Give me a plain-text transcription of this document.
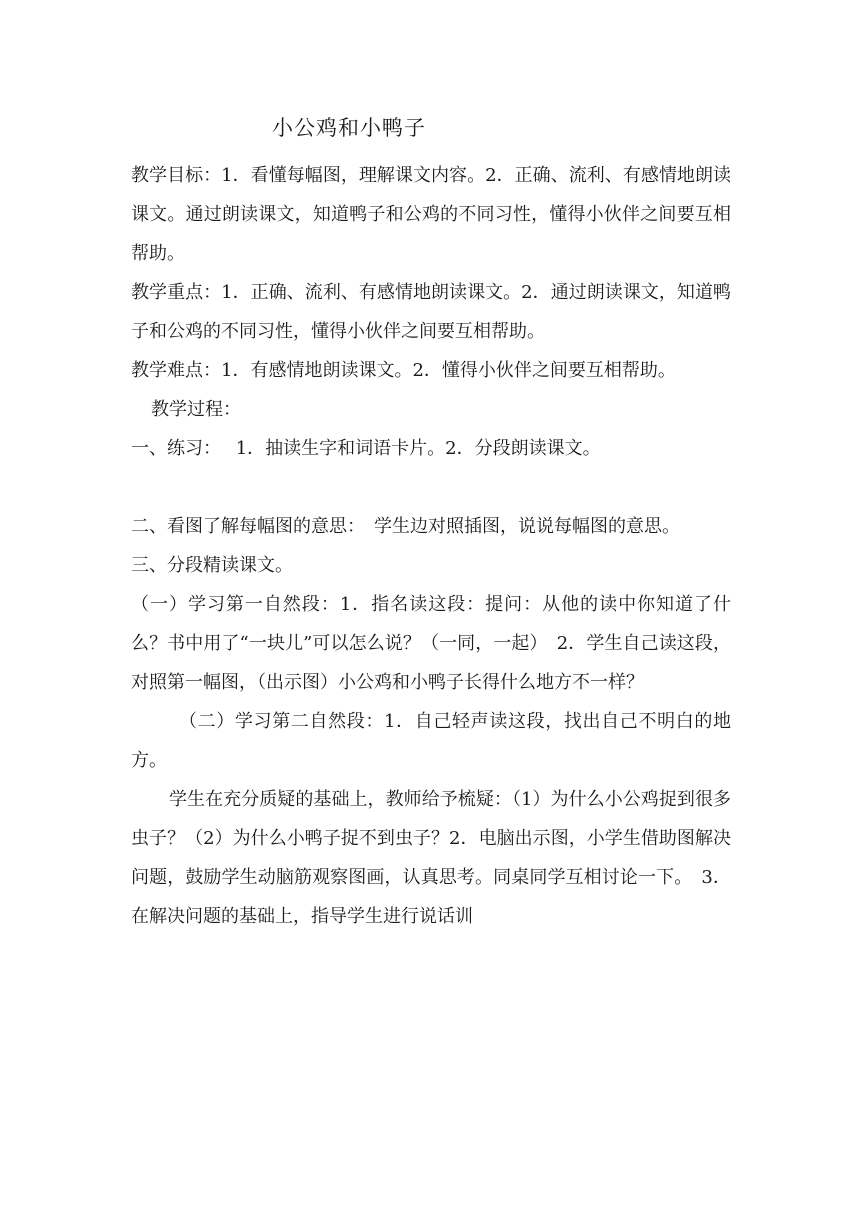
小公鸡和小鸭子

教学目标：1．看懂每幅图，理解课文内容。2．正确、流利、有感情地朗读课文。通过朗读课文，知道鸭子和公鸡的不同习性，懂得小伙伴之间要互相帮助。

教学重点：1．正确、流利、有感情地朗读课文。2．通过朗读课文，知道鸭子和公鸡的不同习性，懂得小伙伴之间要互相帮助。

教学难点：1．有感情地朗读课文。2．懂得小伙伴之间要互相帮助。

教学过程：

一、练习：　 1．抽读生字和词语卡片。2．分段朗读课文。

二、看图了解每幅图的意思：　学生边对照插图，说说每幅图的意思。

三、分段精读课文。

（一）学习第一自然段：1．指名读这段：提问：从他的读中你知道了什么？书中用了“一块儿”可以怎么说？（一同，一起）　2．学生自己读这段，对照第一幅图，（出示图）小公鸡和小鸭子长得什么地方不一样？

（二）学习第二自然段：1．自己轻声读这段，找出自己不明白的地方。

学生在充分质疑的基础上，教师给予梳疑：（1）为什么小公鸡捉到很多虫子？（2）为什么小鸭子捉不到虫子？2．电脑出示图，小学生借助图解决问题，鼓励学生动脑筋观察图画，认真思考。同桌同学互相讨论一下。　3．在解决问题的基础上，指导学生进行说话训
